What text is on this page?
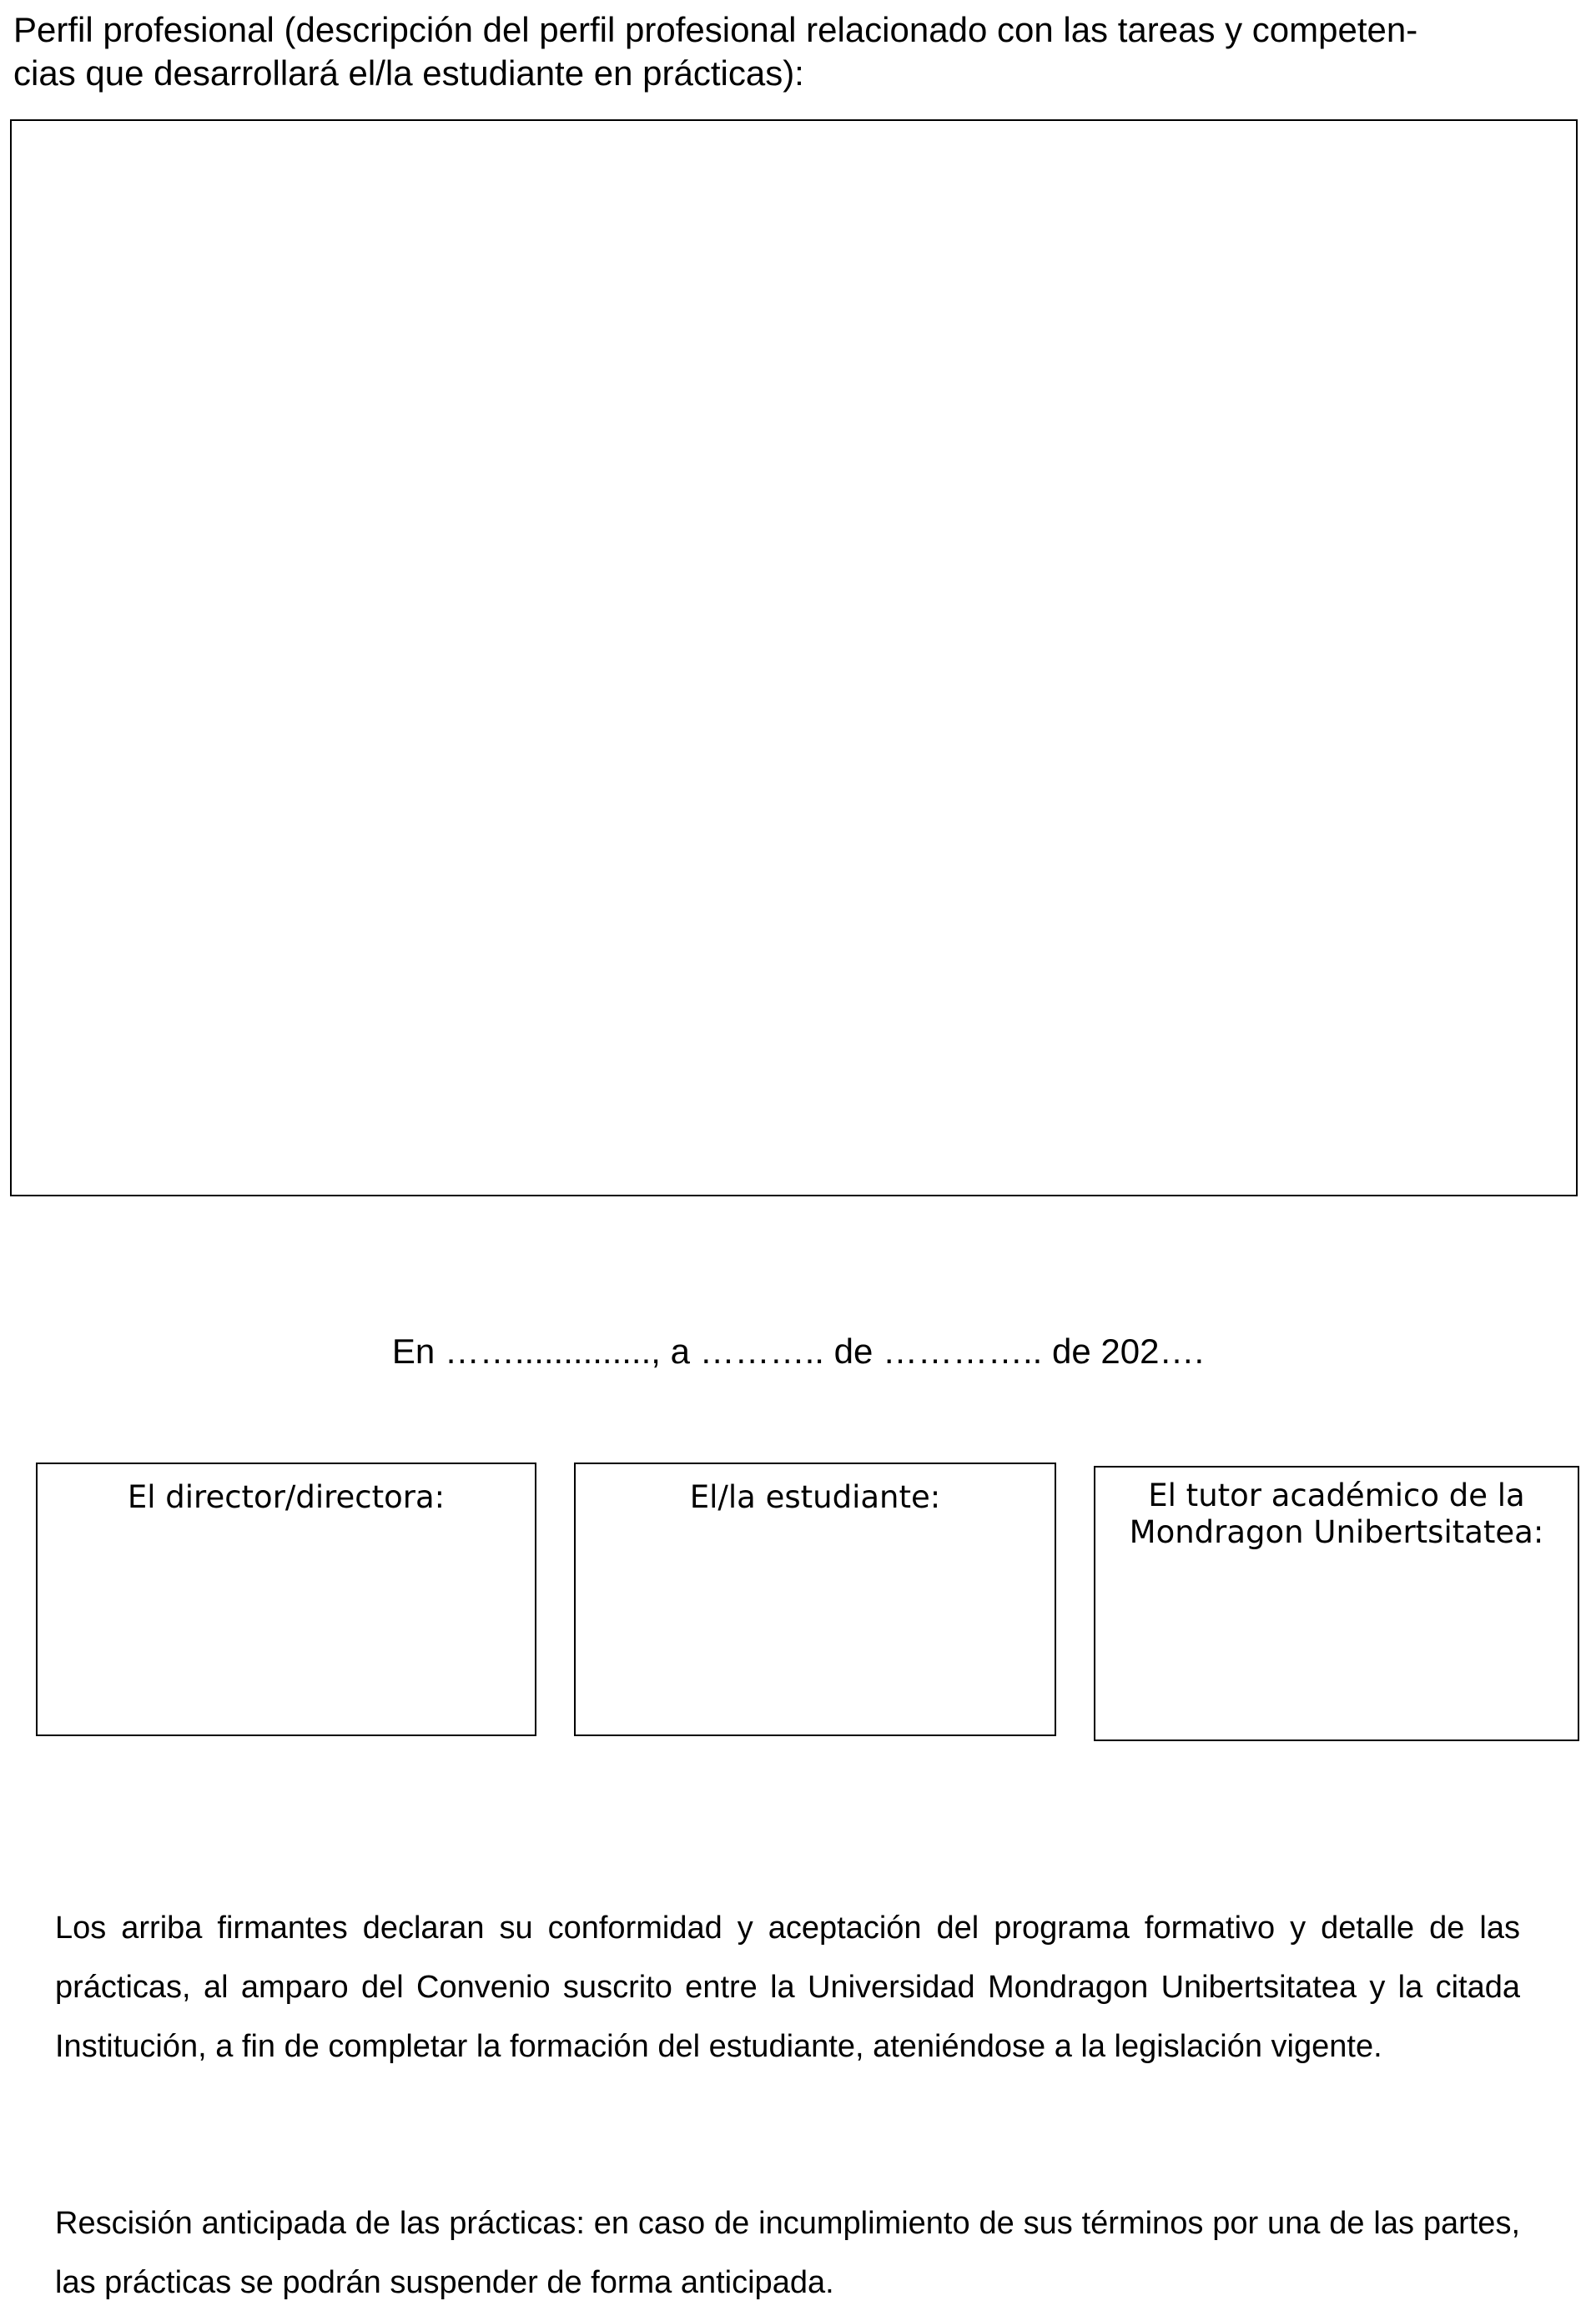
Perfil profesional (descripción del perfil profesional relacionado con las tareas y competen-
cias que desarrollará el/la estudiante en prácticas):
En …….............., a ……….. de ………….. de 202….
El director/directora:	El/la estudiante:	El tutor académico de la
Mondragon Unibertsitatea:
Los arriba firmantes declaran su conformidad y aceptación del programa formativo y detalle de las prácticas, al amparo del Convenio suscrito entre la Universidad Mondragon Unibertsitatea y la citada Institución, a fin de completar la formación del estudiante, ateniéndose a la legislación vigente.
Rescisión anticipada de las prácticas: en caso de incumplimiento de sus términos por una de las partes, las prácticas se podrán suspender de forma anticipada.
